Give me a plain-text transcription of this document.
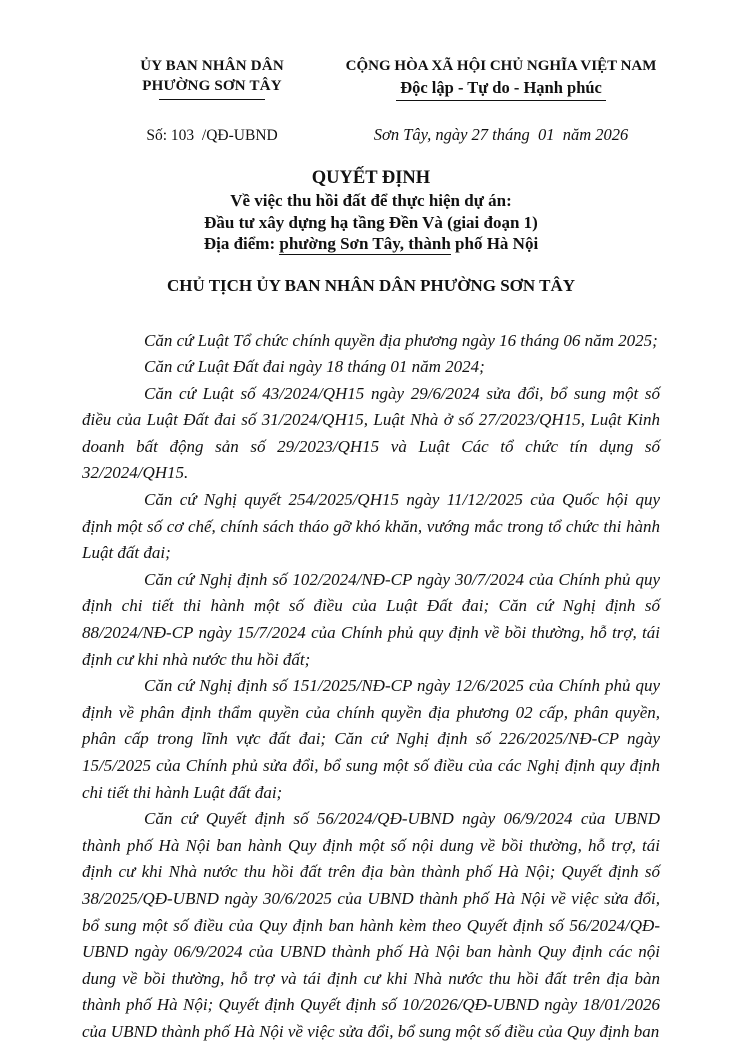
ỦY BAN NHÂN DÂN
PHƯỜNG SƠN TÂY
Số: 103  /QĐ-UBND
CỘNG HÒA XÃ HỘI CHỦ NGHĨA VIỆT NAM
Độc lập - Tự do - Hạnh phúc
Sơn Tây, ngày 27 tháng  01  năm 2026
QUYẾT ĐỊNH
Về việc thu hồi đất để thực hiện dự án:
Đầu tư xây dựng hạ tầng Đền Và (giai đoạn 1)
Địa điểm: phường Sơn Tây, thành phố Hà Nội
CHỦ TỊCH ỦY BAN NHÂN DÂN PHƯỜNG SƠN TÂY

Căn cứ Luật Tổ chức chính quyền địa phương ngày 16 tháng 06 năm 2025;

Căn cứ Luật Đất đai ngày 18 tháng 01 năm 2024;

Căn cứ Luật số 43/2024/QH15 ngày 29/6/2024 sửa đổi, bổ sung một số điều của Luật Đất đai số 31/2024/QH15, Luật Nhà ở số 27/2023/QH15, Luật Kinh doanh bất động sản số 29/2023/QH15 và Luật Các tổ chức tín dụng số 32/2024/QH15.

Căn cứ Nghị quyết 254/2025/QH15 ngày 11/12/2025 của Quốc hội quy định một số cơ chế, chính sách tháo gỡ khó khăn, vướng mắc trong tổ chức thi hành Luật đất đai;

Căn cứ Nghị định số 102/2024/NĐ-CP ngày 30/7/2024 của Chính phủ quy định chi tiết thi hành một số điều của Luật Đất đai; Căn cứ Nghị định số 88/2024/NĐ-CP ngày 15/7/2024 của Chính phủ quy định về bồi thường, hỗ trợ, tái định cư khi nhà nước thu hồi đất;

Căn cứ Nghị định số 151/2025/NĐ-CP ngày 12/6/2025 của Chính phủ quy định về phân định thẩm quyền của chính quyền địa phương 02 cấp, phân quyền, phân cấp trong lĩnh vực đất đai; Căn cứ Nghị định số 226/2025/NĐ-CP ngày 15/5/2025 của Chính phủ sửa đổi, bổ sung một số điều của các Nghị định quy định chi tiết thi hành Luật đất đai;

Căn cứ Quyết định số 56/2024/QĐ-UBND ngày 06/9/2024 của UBND thành phố Hà Nội ban hành Quy định một số nội dung về bồi thường, hỗ trợ, tái định cư khi Nhà nước thu hồi đất trên địa bàn thành phố Hà Nội; Quyết định số 38/2025/QĐ-UBND ngày 30/6/2025 của UBND thành phố Hà Nội về việc sửa đổi, bổ sung một số điều của Quy định ban hành kèm theo Quyết định số 56/2024/QĐ-UBND ngày 06/9/2024 của UBND thành phố Hà Nội ban hành Quy định các nội dung về bồi thường, hỗ trợ và tái định cư khi Nhà nước thu hồi đất trên địa bàn thành phố Hà Nội; Quyết định Quyết định số 10/2026/QĐ-UBND ngày 18/01/2026 của UBND thành phố Hà Nội về việc sửa đổi, bổ sung một số điều của Quy định ban
